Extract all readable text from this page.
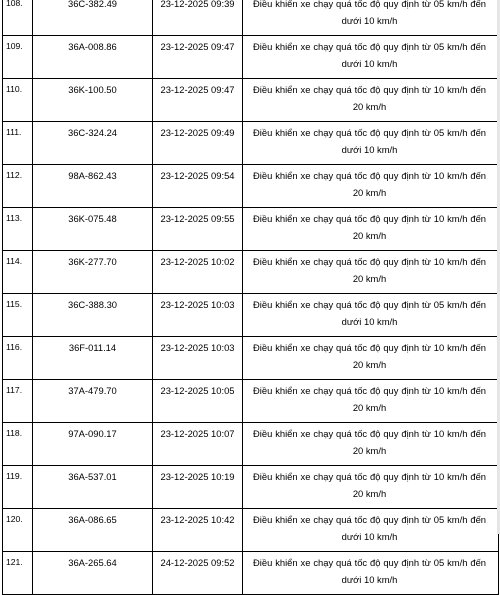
108.	36C-382.49	23-12-2025 09:39	Điều khiển xe chạy quá tốc độ quy định từ 05 km/h đến dưới 10 km/h
109.	36A-008.86	23-12-2025 09:47	Điều khiển xe chạy quá tốc độ quy định từ 05 km/h đến dưới 10 km/h
110.	36K-100.50	23-12-2025 09:47	Điều khiển xe chạy quá tốc độ quy định từ 10 km/h đến 20 km/h
111.	36C-324.24	23-12-2025 09:49	Điều khiển xe chạy quá tốc độ quy định từ 05 km/h đến dưới 10 km/h
112.	98A-862.43	23-12-2025 09:54	Điều khiển xe chạy quá tốc độ quy định từ 10 km/h đến 20 km/h
113.	36K-075.48	23-12-2025 09:55	Điều khiển xe chạy quá tốc độ quy định từ 10 km/h đến 20 km/h
114.	36K-277.70	23-12-2025 10:02	Điều khiển xe chạy quá tốc độ quy định từ 10 km/h đến 20 km/h
115.	36C-388.30	23-12-2025 10:03	Điều khiển xe chạy quá tốc độ quy định từ 05 km/h đến dưới 10 km/h
116.	36F-011.14	23-12-2025 10:03	Điều khiển xe chạy quá tốc độ quy định từ 10 km/h đến 20 km/h
117.	37A-479.70	23-12-2025 10:05	Điều khiển xe chạy quá tốc độ quy định từ 10 km/h đến 20 km/h
118.	97A-090.17	23-12-2025 10:07	Điều khiển xe chạy quá tốc độ quy định từ 10 km/h đến 20 km/h
119.	36A-537.01	23-12-2025 10:19	Điều khiển xe chạy quá tốc độ quy định từ 10 km/h đến 20 km/h
120.	36A-086.65	23-12-2025 10:42	Điều khiển xe chạy quá tốc độ quy định từ 05 km/h đến dưới 10 km/h
121.	36A-265.64	24-12-2025 09:52	Điều khiển xe chạy quá tốc độ quy định từ 05 km/h đến dưới 10 km/h
